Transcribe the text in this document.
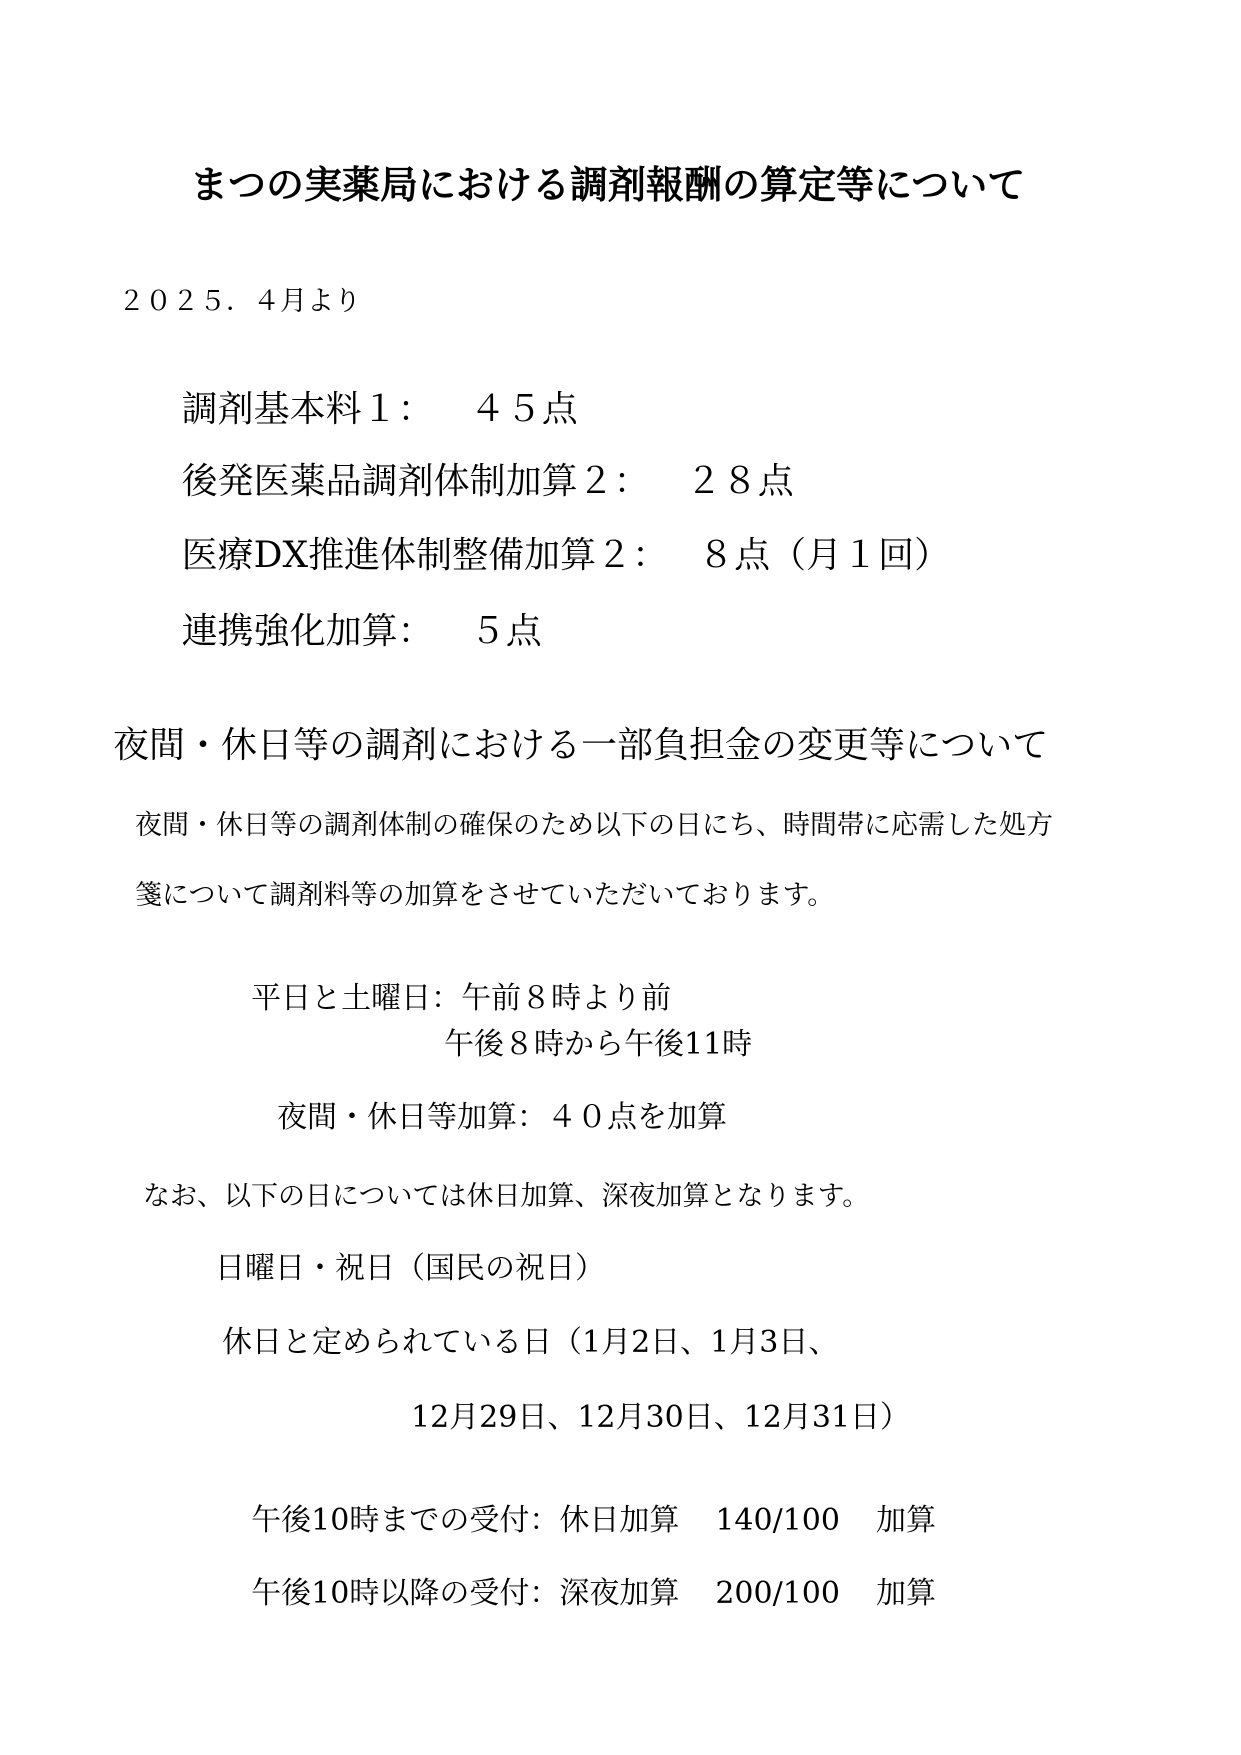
まつの実薬局における調剤報酬の算定等について
２０２５．４月より

調剤基本料１： ４５点

後発医薬品調剤体制加算２： ２８点

医療DX推進体制整備加算２： ８点（月１回）

連携強化加算： ５点

夜間・休日等の調剤における一部負担金の変更等について
夜間・休日等の調剤体制の確保のため以下の日にち、時間帯に応需した処方
箋について調剤料等の加算をさせていただいております。

平日と土曜日：午前８時より前

午後８時から午後11時
夜間・休日等加算：４０点を加算
なお、以下の日については休日加算、深夜加算となります。
日曜日・祝日（国民の祝日）
休日と定められている日（1月2日、1月3日、
12月29日、12月30日、12月31日）

午後10時までの受付：休日加算 140/100 加算

午後10時以降の受付：深夜加算 200/100 加算
